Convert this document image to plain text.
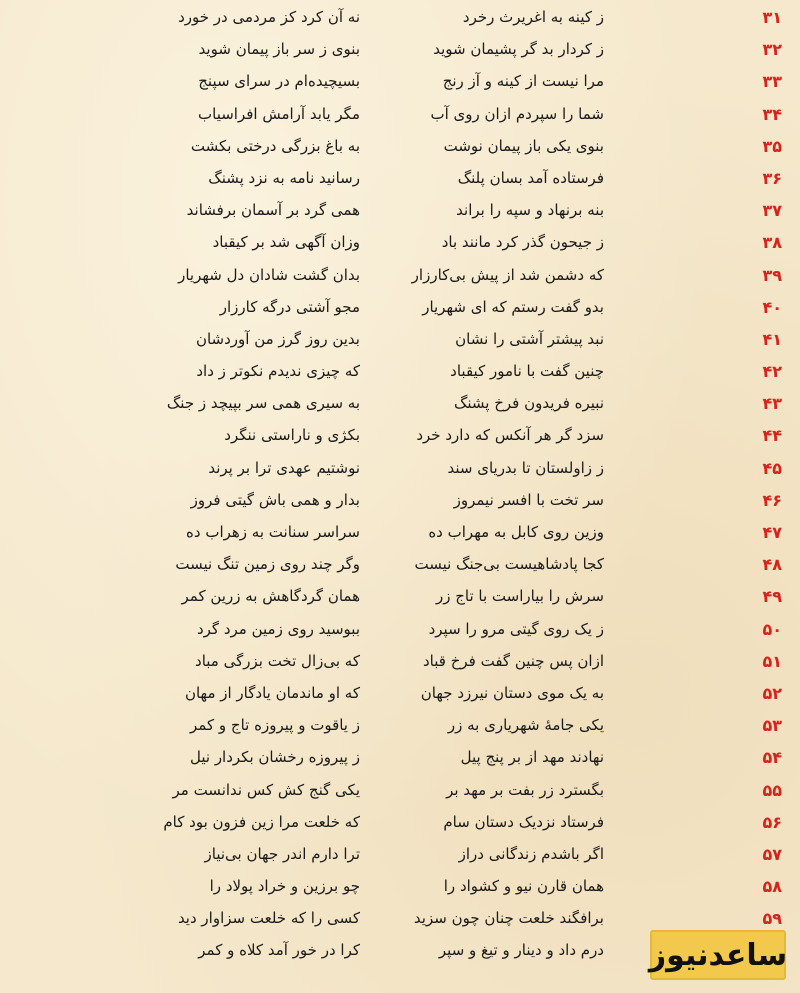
۳۱
ز کینه به اغریرث رخرد
نه آن کرد کز مردمی در خورد
۳۲
ز کردار بد گر پشیمان شوید
بنوی ز سر باز پیمان شوید
۳۳
مرا نیست از کینه و آز رنج
بسیچیده‌ام در سرای سپنج
۳۴
شما را سپردم ازان روی آب
مگر یابد آرامش افراسیاب
۳۵
بنوی یکی باز پیمان نوشت
به باغ بزرگی درختی بکشت
۳۶
فرستاده آمد بسان پلنگ
رسانید نامه به نزد پشنگ
۳۷
بنه برنهاد و سپه را براند
همی گرد بر آسمان برفشاند
۳۸
ز جیحون گذر کرد مانند باد
وزان آگهی شد بر کیقباد
۳۹
که دشمن شد از پیش بی‌کارزار
بدان گشت شادان دل شهریار
۴۰
بدو گفت رستم که ای شهریار
مجو آشتی درگه کارزار
۴۱
نبد پیشتر آشتی را نشان
بدین روز گرز من آوردشان
۴۲
چنین گفت با نامور کیقباد
که چیزی ندیدم نکوتر ز داد
۴۳
نبیره فریدون فرخ پشنگ
به سیری همی سر بپیچد ز جنگ
۴۴
سزد گر هر آنکس که دارد خرد
بکژی و ناراستی ننگرد
۴۵
ز زاولستان تا بدریای سند
نوشتیم عهدی ترا بر پرند
۴۶
سر تخت با افسر نیمروز
بدار و همی باش گیتی فروز
۴۷
وزین روی کابل به مهراب ده
سراسر سنانت به زهراب ده
۴۸
کجا پادشاهیست بی‌جنگ نیست
وگر چند روی زمین تنگ نیست
۴۹
سرش را بیاراست با تاج زر
همان گردگاهش به زرین کمر
۵۰
ز یک روی گیتی مرو را سپرد
ببوسید روی زمین مرد گرد
۵۱
ازان پس چنین گفت فرخ قباد
که بی‌زال تخت بزرگی مباد
۵۲
به یک موی دستان نیرزد جهان
که او ماندمان یادگار از مهان
۵۳
یکی جامهٔ شهریاری به زر
ز یاقوت و پیروزه تاج و کمر
۵۴
نهادند مهد از بر پنج پیل
ز پیروزه رخشان بکردار نیل
۵۵
بگسترد زر بفت بر مهد بر
یکی گنج کش کس ندانست مر
۵۶
فرستاد نزدیک دستان سام
که خلعت مرا زین فزون بود کام
۵۷
اگر باشدم زندگانی دراز
ترا دارم اندر جهان بی‌نیاز
۵۸
همان قارن نیو و کشواد را
چو برزین و خراد پولاد را
۵۹
برافگند خلعت چنان چون سزید
کسی را که خلعت سزاوار دید
درم داد و دینار و تیغ و سپر
کرا در خور آمد کلاه و کمر	ساعدنیوز
